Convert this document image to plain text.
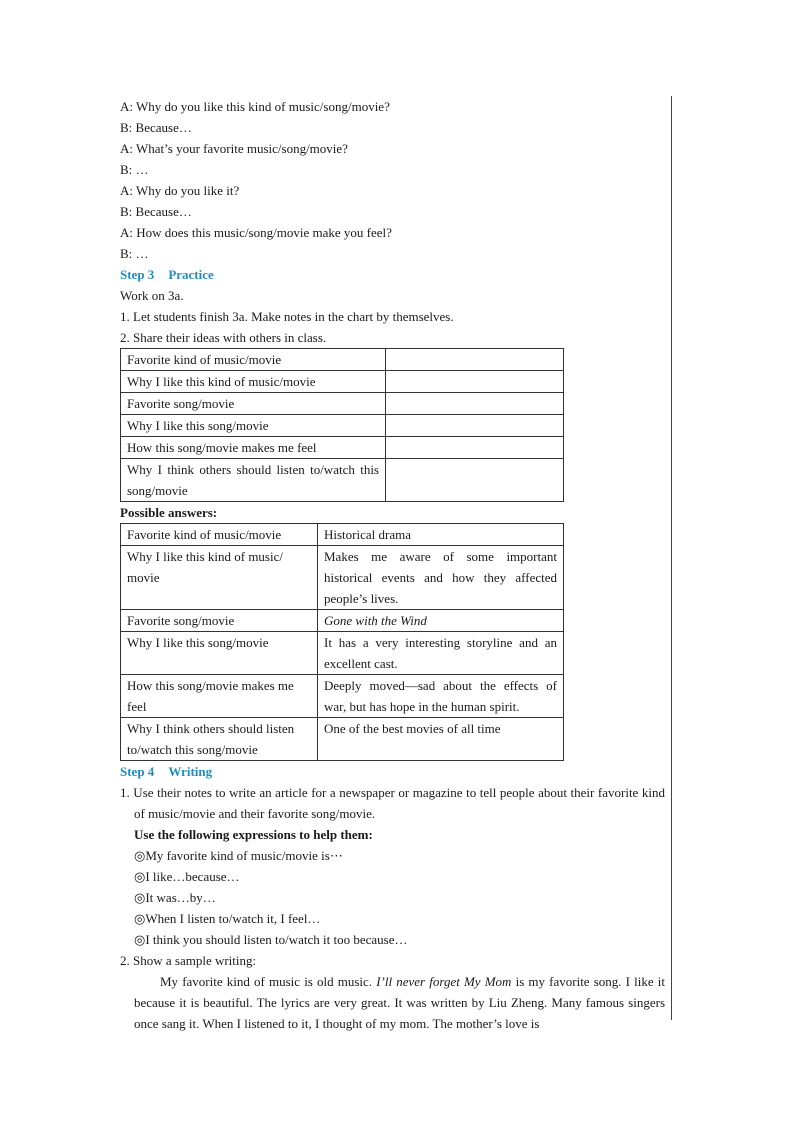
A: Why do you like this kind of music/song/movie?
B: Because…
A: What’s your favorite music/song/movie?
B: …
A: Why do you like it?
B: Because…
A: How does this music/song/movie make you feel?
B: …
Step 3 Practice
Work on 3a.
1. Let students finish 3a. Make notes in the chart by themselves.
2. Share their ideas with others in class.
Favorite kind of music/movie	
Why I like this kind of music/movie	
Favorite song/movie	
Why I like this song/movie	
How this song/movie makes me feel	
Why I think others should listen to/watch this song/movie	
Possible answers:
Favorite kind of music/movie	Historical drama
Why I like this kind of music/ movie	Makes me aware of some important historical events and how they affected people’s lives.
Favorite song/movie	Gone with the Wind
Why I like this song/movie	It has a very interesting storyline and an excellent cast.
How this song/movie makes me feel	Deeply moved—sad about the effects of war, but has hope in the human spirit.
Why I think others should listen to/watch this song/movie	One of the best movies of all time
Step 4 Writing
1. Use their notes to write an article for a newspaper or magazine to tell people about their favorite kind of music/movie and their favorite song/movie.
Use the following expressions to help them:
◎My favorite kind of music/movie is⋯
◎I like…because…
◎It was…by…
◎When I listen to/watch it, I feel…
◎I think you should listen to/watch it too because…
2. Show a sample writing:
My favorite kind of music is old music. I’ll never forget My Mom is my favorite song. I like it because it is beautiful. The lyrics are very great. It was written by Liu Zheng. Many famous singers once sang it. When I listened to it, I thought of my mom. The mother’s love is
